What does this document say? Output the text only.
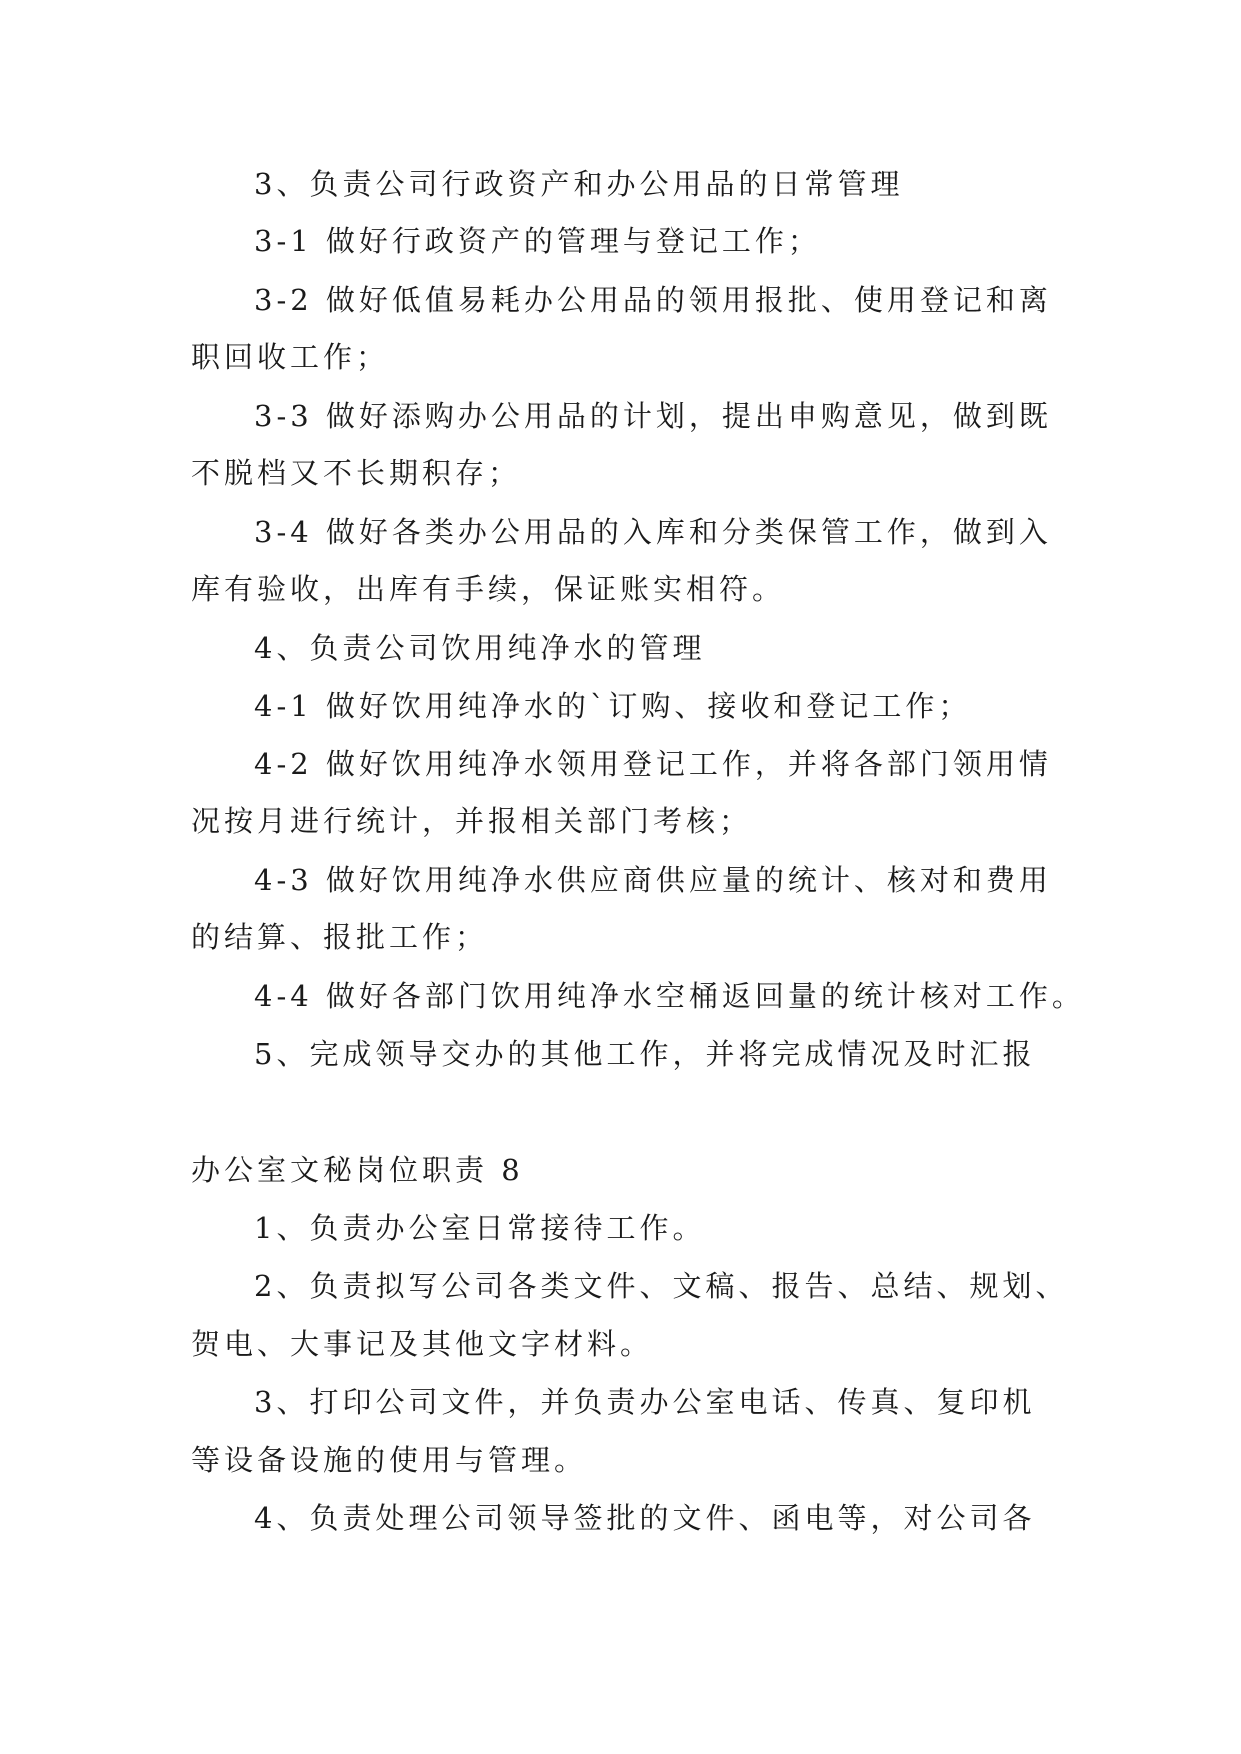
3、负责公司行政资产和办公用品的日常管理
3-1 做好行政资产的管理与登记工作；
3-2 做好低值易耗办公用品的领用报批、使用登记和离
职回收工作；
3-3 做好添购办公用品的计划，提出申购意见，做到既
不脱档又不长期积存；
3-4 做好各类办公用品的入库和分类保管工作，做到入
库有验收，出库有手续，保证账实相符。
4、负责公司饮用纯净水的管理
4-1 做好饮用纯净水的`订购、接收和登记工作；
4-2 做好饮用纯净水领用登记工作，并将各部门领用情
况按月进行统计，并报相关部门考核；
4-3 做好饮用纯净水供应商供应量的统计、核对和费用
的结算、报批工作；
4-4 做好各部门饮用纯净水空桶返回量的统计核对工作。
5、完成领导交办的其他工作，并将完成情况及时汇报
办公室文秘岗位职责 8
1、负责办公室日常接待工作。
2、负责拟写公司各类文件、文稿、报告、总结、规划、
贺电、大事记及其他文字材料。
3、打印公司文件，并负责办公室电话、传真、复印机
等设备设施的使用与管理。
4、负责处理公司领导签批的文件、函电等，对公司各
